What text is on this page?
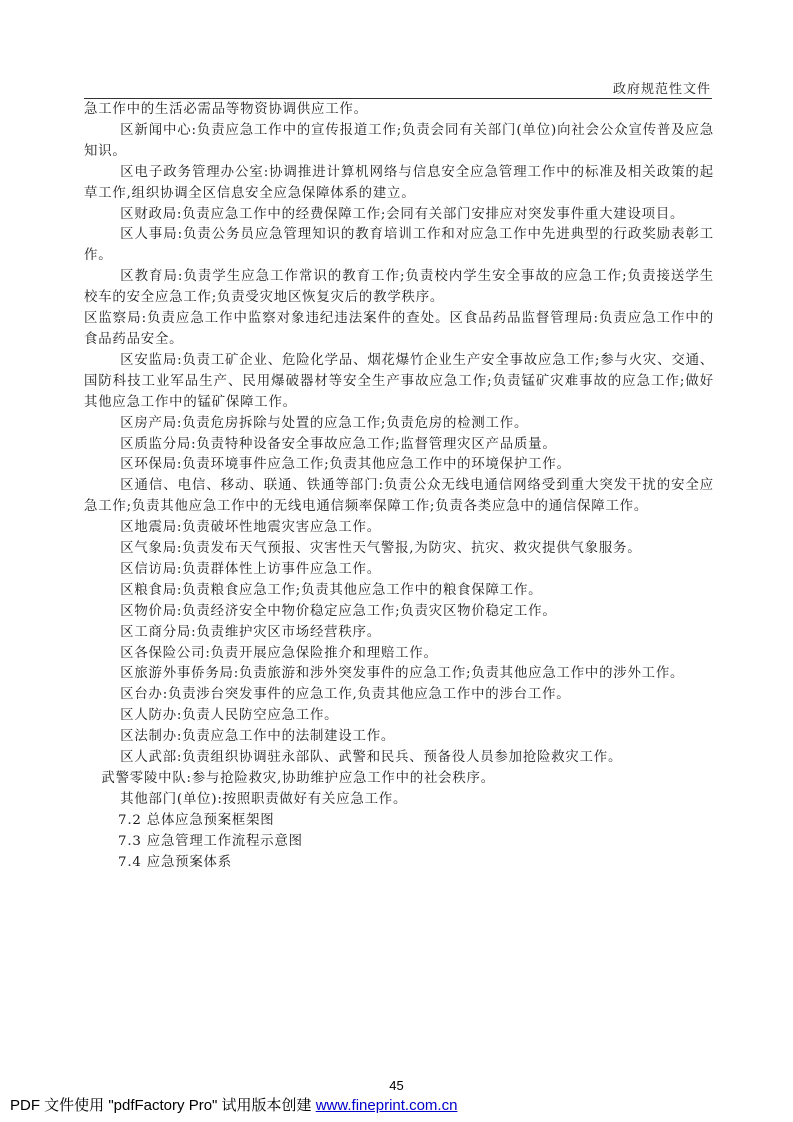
政府规范性文件

急工作中的生活必需品等物资协调供应工作。

区新闻中心:负责应急工作中的宣传报道工作;负责会同有关部门(单位)向社会公众宣传普及应急知识。

区电子政务管理办公室:协调推进计算机网络与信息安全应急管理工作中的标准及相关政策的起草工作,组织协调全区信息安全应急保障体系的建立。

区财政局:负责应急工作中的经费保障工作;会同有关部门安排应对突发事件重大建设项目。

区人事局:负责公务员应急管理知识的教育培训工作和对应急工作中先进典型的行政奖励表彰工作。

区教育局:负责学生应急工作常识的教育工作;负责校内学生安全事故的应急工作;负责接送学生校车的安全应急工作;负责受灾地区恢复灾后的教学秩序。

区监察局:负责应急工作中监察对象违纪违法案件的查处。区食品药品监督管理局:负责应急工作中的食品药品安全。

区安监局:负责工矿企业、危险化学品、烟花爆竹企业生产安全事故应急工作;参与火灾、交通、国防科技工业军品生产、民用爆破器材等安全生产事故应急工作;负责锰矿灾难事故的应急工作;做好其他应急工作中的锰矿保障工作。

区房产局:负责危房拆除与处置的应急工作;负责危房的检测工作。

区质监分局:负责特种设备安全事故应急工作;监督管理灾区产品质量。

区环保局:负责环境事件应急工作;负责其他应急工作中的环境保护工作。

区通信、电信、移动、联通、铁通等部门:负责公众无线电通信网络受到重大突发干扰的安全应急工作;负责其他应急工作中的无线电通信频率保障工作;负责各类应急中的通信保障工作。

区地震局:负责破坏性地震灾害应急工作。

区气象局:负责发布天气预报、灾害性天气警报,为防灾、抗灾、救灾提供气象服务。

区信访局:负责群体性上访事件应急工作。

区粮食局:负责粮食应急工作;负责其他应急工作中的粮食保障工作。

区物价局:负责经济安全中物价稳定应急工作;负责灾区物价稳定工作。

区工商分局:负责维护灾区市场经营秩序。

区各保险公司:负责开展应急保险推介和理赔工作。

区旅游外事侨务局:负责旅游和涉外突发事件的应急工作;负责其他应急工作中的涉外工作。

区台办:负责涉台突发事件的应急工作,负责其他应急工作中的涉台工作。

区人防办:负责人民防空应急工作。

区法制办:负责应急工作中的法制建设工作。

区人武部:负责组织协调驻永部队、武警和民兵、预备役人员参加抢险救灾工作。

武警零陵中队:参与抢险救灾,协助维护应急工作中的社会秩序。

其他部门(单位):按照职责做好有关应急工作。

7.2 总体应急预案框架图

7.3 应急管理工作流程示意图

7.4 应急预案体系

45
PDF 文件使用 "pdfFactory Pro" 试用版本创建 www.fineprint.com.cn
